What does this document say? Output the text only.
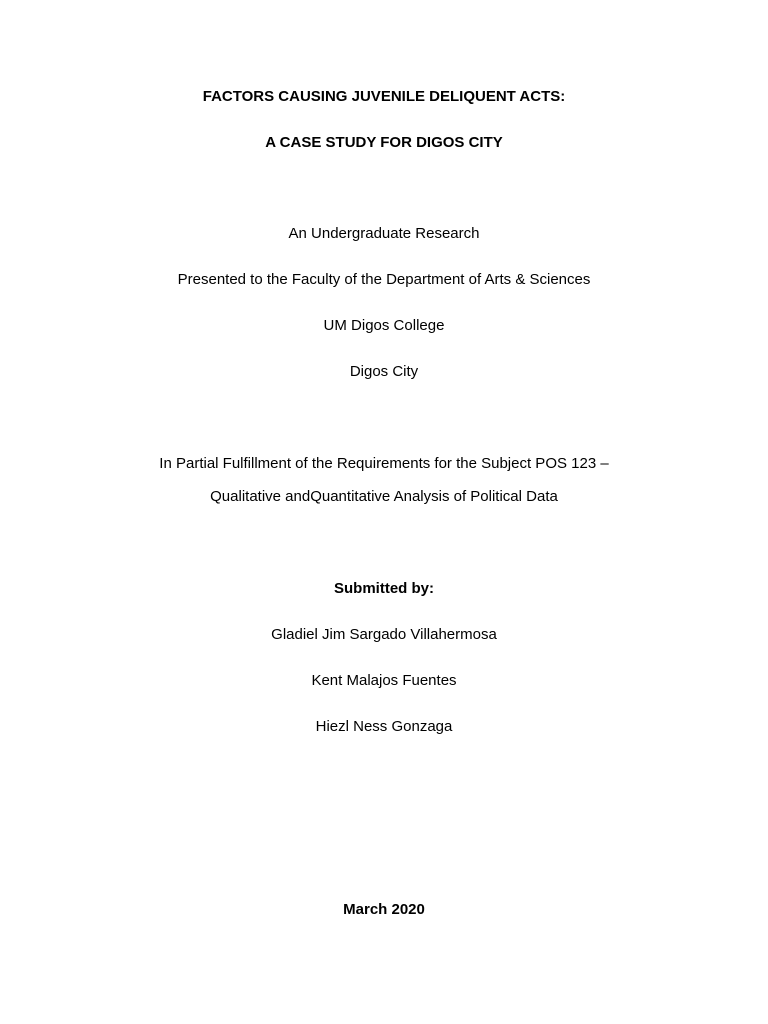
FACTORS CAUSING JUVENILE DELIQUENT ACTS:
A CASE STUDY FOR DIGOS CITY
An Undergraduate Research
Presented to the Faculty of the Department of Arts & Sciences
UM Digos College
Digos City
In Partial Fulfillment of the Requirements for the Subject POS 123 –
Qualitative andQuantitative Analysis of Political Data
Submitted by:
Gladiel Jim Sargado Villahermosa
Kent Malajos Fuentes
Hiezl Ness Gonzaga
March 2020
